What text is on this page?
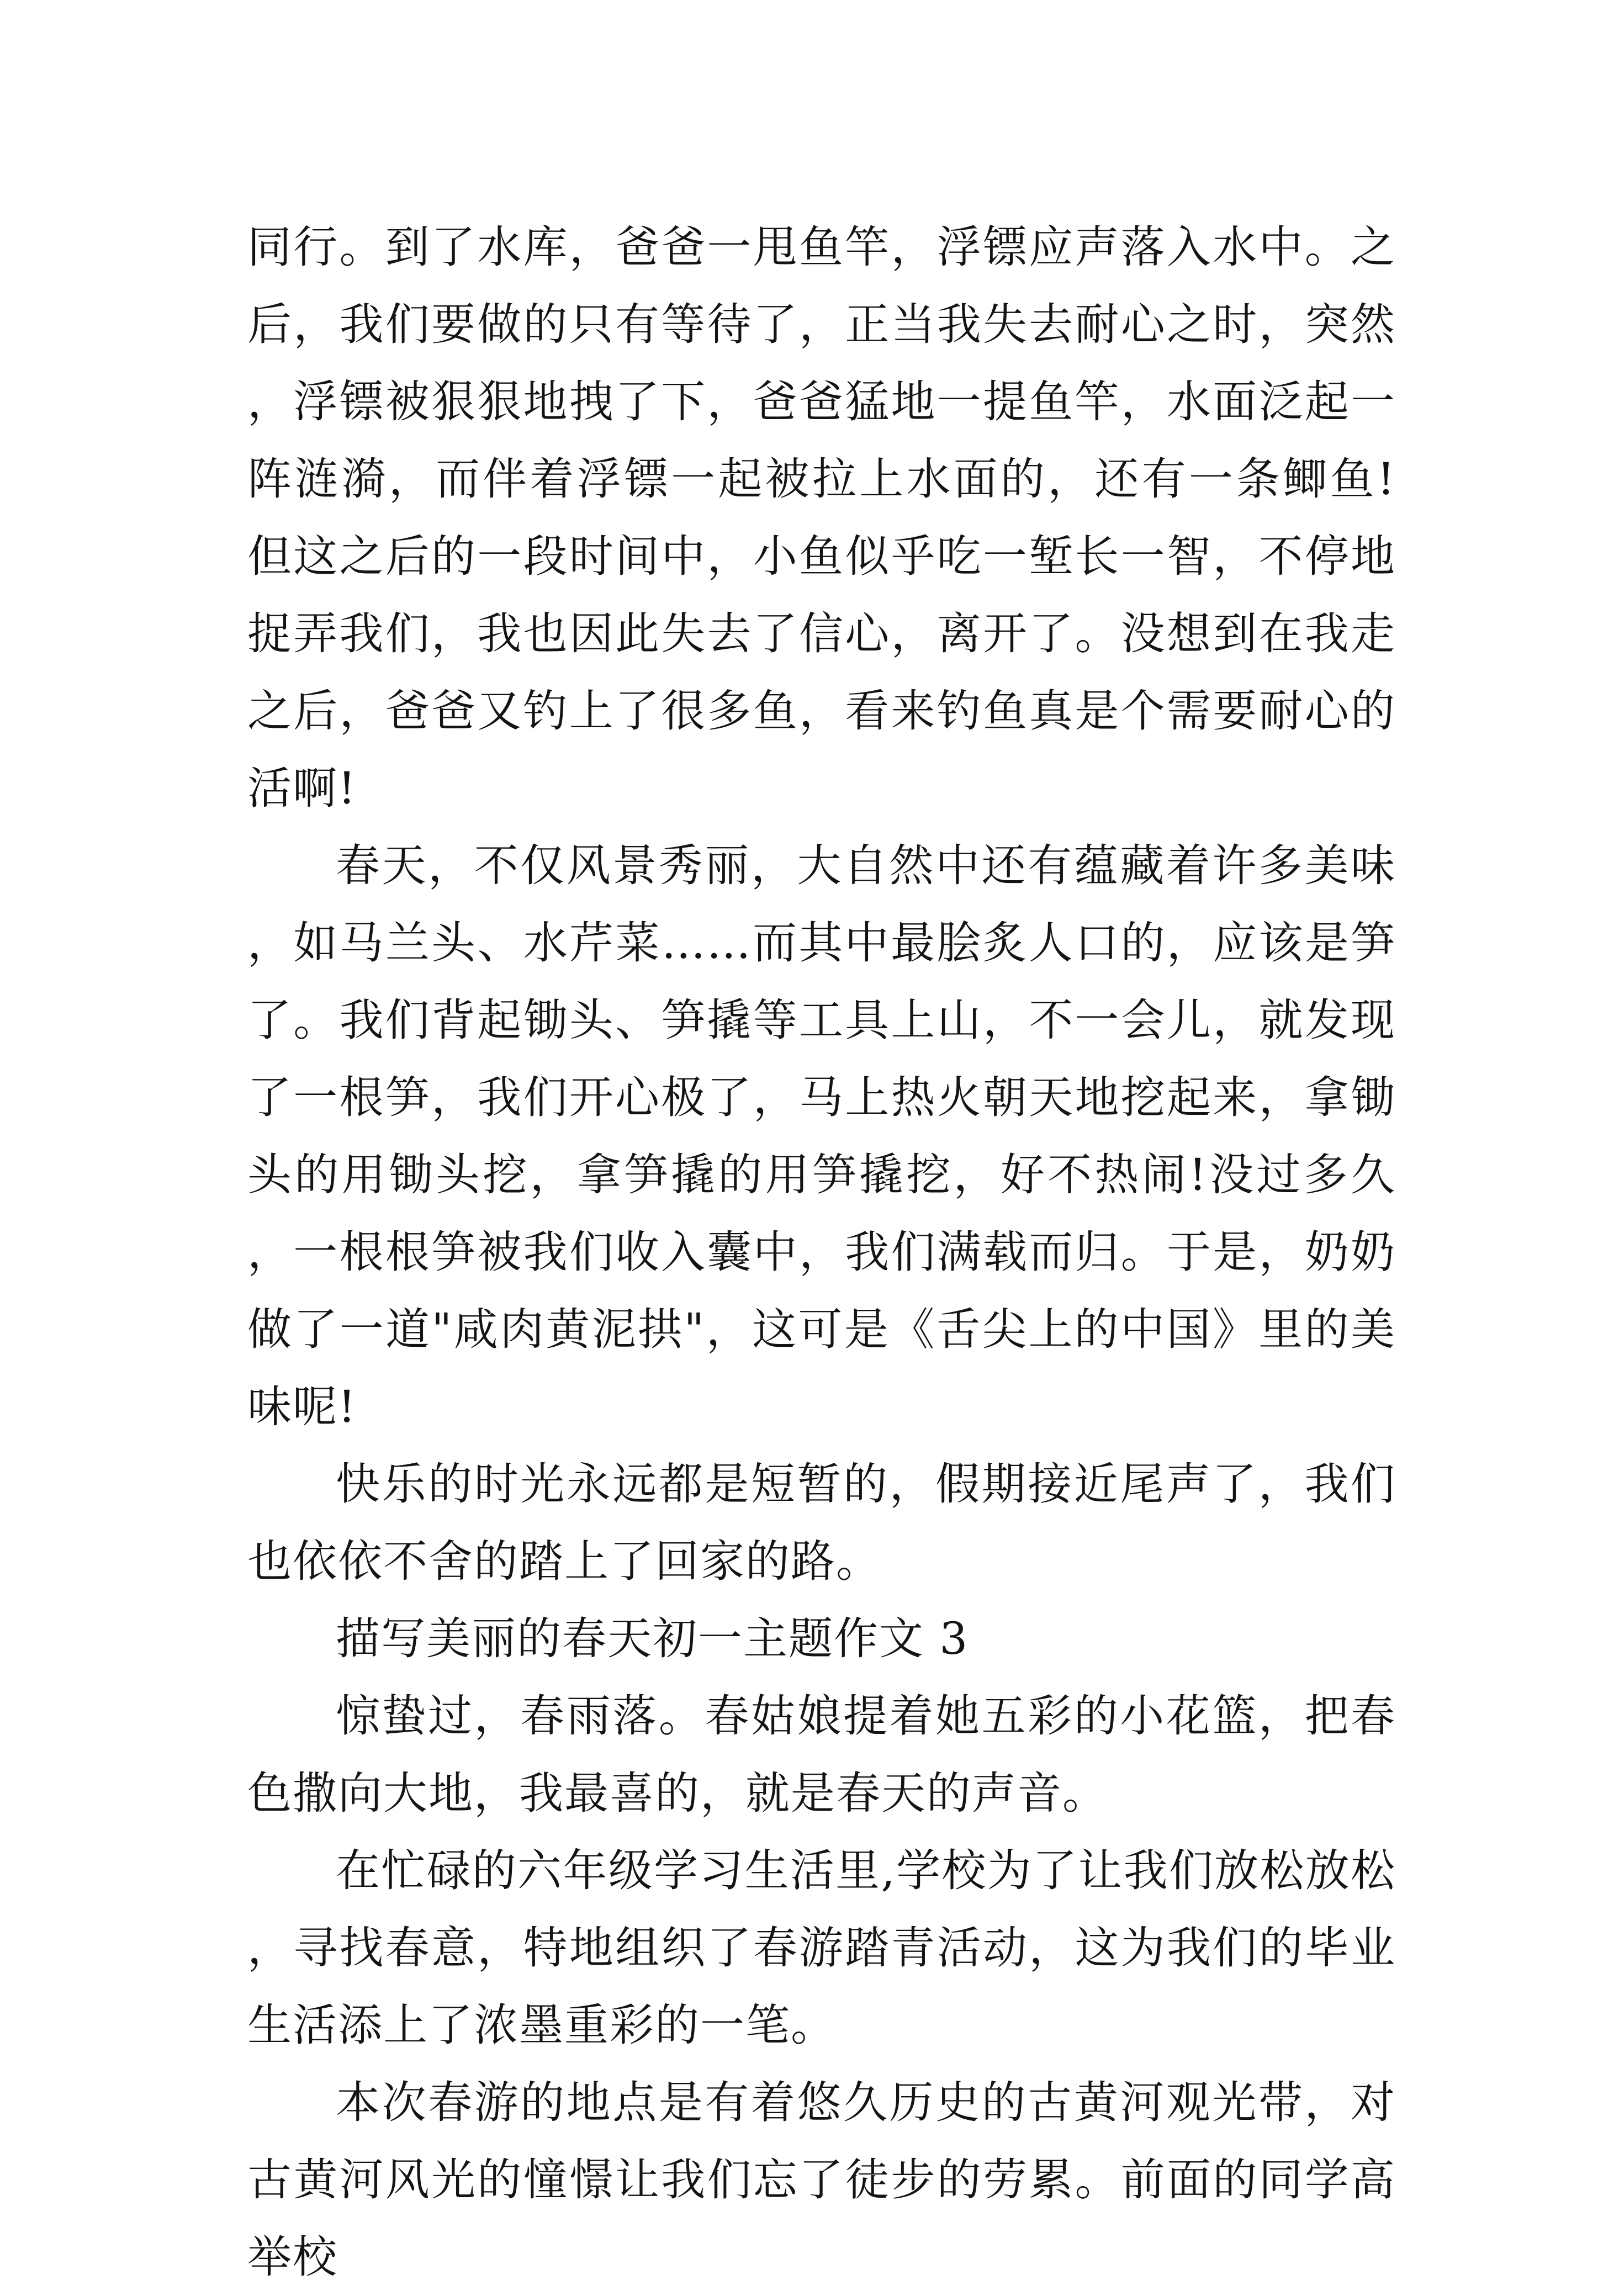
同行。到了水库，爸爸一甩鱼竿，浮镖应声落入水中。之后，我们要做的只有等待了，正当我失去耐心之时，突然，浮镖被狠狠地拽了下，爸爸猛地一提鱼竿，水面泛起一阵涟漪，而伴着浮镖一起被拉上水面的，还有一条鲫鱼!但这之后的一段时间中，小鱼似乎吃一堑长一智，不停地捉弄我们，我也因此失去了信心，离开了。没想到在我走之后，爸爸又钓上了很多鱼，看来钓鱼真是个需要耐心的活啊!

春天，不仅风景秀丽，大自然中还有蕴藏着许多美味，如马兰头、水芹菜……而其中最脍炙人口的，应该是笋了。我们背起锄头、笋撬等工具上山，不一会儿，就发现了一根笋，我们开心极了，马上热火朝天地挖起来，拿锄头的用锄头挖，拿笋撬的用笋撬挖，好不热闹!没过多久，一根根笋被我们收入囊中，我们满载而归。于是，奶奶做了一道"咸肉黄泥拱"，这可是《舌尖上的中国》里的美味呢!

快乐的时光永远都是短暂的，假期接近尾声了，我们也依依不舍的踏上了回家的路。

描写美丽的春天初一主题作文 3

惊蛰过，春雨落。春姑娘提着她五彩的小花篮，把春色撒向大地，我最喜的，就是春天的声音。

在忙碌的六年级学习生活里,学校为了让我们放松放松，寻找春意，特地组织了春游踏青活动，这为我们的毕业生活添上了浓墨重彩的一笔。

本次春游的地点是有着悠久历史的古黄河观光带，对古黄河风光的憧憬让我们忘了徒步的劳累。前面的同学高举校
